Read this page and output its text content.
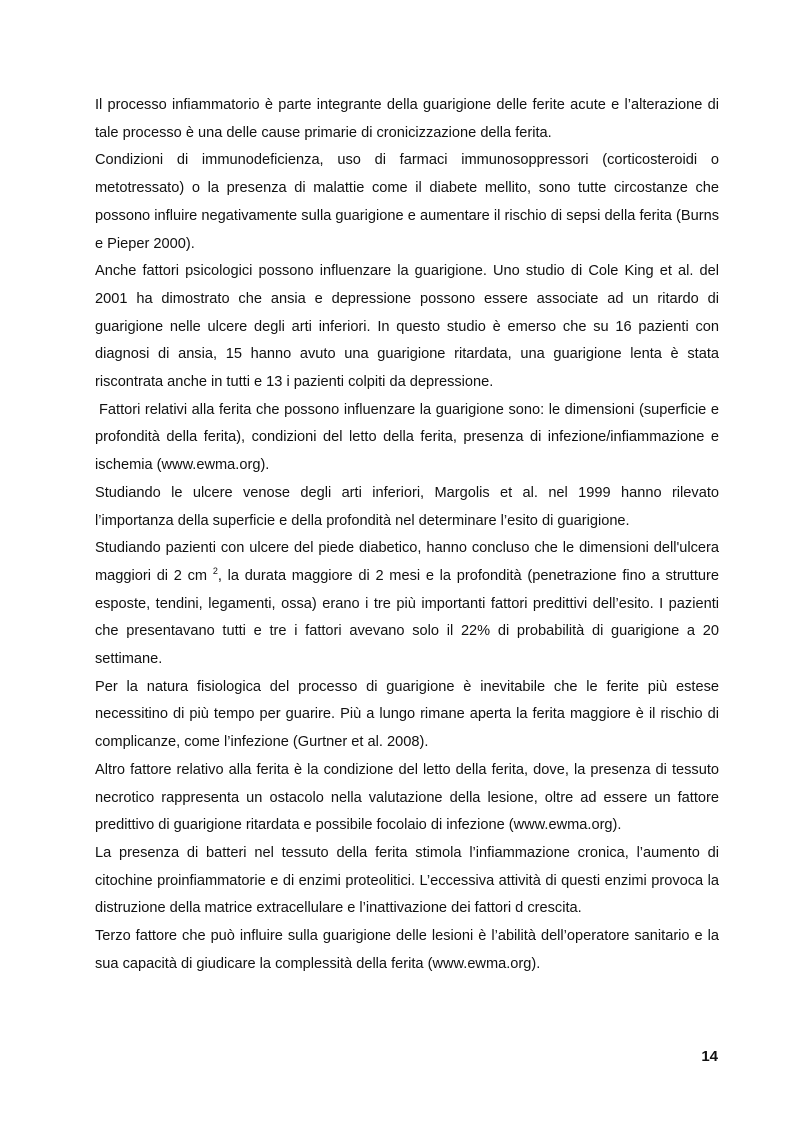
Il processo infiammatorio è parte integrante della guarigione delle ferite acute e l’alterazione di tale processo è una delle cause primarie di cronicizzazione della ferita.

Condizioni di immunodeficienza, uso di farmaci immunosoppressori (corticosteroidi o metotressato) o la presenza di malattie come il diabete mellito, sono tutte circostanze che possono influire negativamente sulla guarigione e aumentare il rischio di sepsi della ferita (Burns e Pieper 2000).

Anche fattori psicologici possono influenzare la guarigione. Uno studio di Cole King et al. del 2001 ha dimostrato che ansia e depressione possono essere associate ad un ritardo di guarigione nelle ulcere degli arti inferiori. In questo studio è emerso che su 16 pazienti con diagnosi di ansia, 15 hanno avuto una guarigione ritardata, una guarigione lenta è stata riscontrata anche in tutti e 13 i pazienti colpiti da depressione.

Fattori relativi alla ferita che possono influenzare la guarigione sono: le dimensioni (superficie e profondità della ferita), condizioni del letto della ferita, presenza di infezione/infiammazione e ischemia (www.ewma.org).

Studiando le ulcere venose degli arti inferiori, Margolis et al. nel 1999 hanno rilevato l’importanza della superficie e della profondità nel determinare l’esito di guarigione.

Studiando pazienti con ulcere del piede diabetico, hanno concluso che le dimensioni dell'ulcera maggiori di 2 cm $^2$, la durata maggiore di 2 mesi e la profondità (penetrazione fino a strutture esposte, tendini, legamenti, ossa) erano i tre più importanti fattori predittivi dell’esito. I pazienti che presentavano tutti e tre i fattori avevano solo il 22% di probabilità di guarigione a 20 settimane.

Per la natura fisiologica del processo di guarigione è inevitabile che le ferite più estese necessitino di più tempo per guarire. Più a lungo rimane aperta la ferita maggiore è il rischio di complicanze, come l’infezione (Gurtner et al. 2008).

Altro fattore relativo alla ferita è la condizione del letto della ferita, dove, la presenza di tessuto necrotico rappresenta un ostacolo nella valutazione della lesione, oltre ad essere un fattore predittivo di guarigione ritardata e possibile focolaio di infezione (www.ewma.org).

La presenza di batteri nel tessuto della ferita stimola l’infiammazione cronica, l’aumento di citochine proinfiammatorie e di enzimi proteolitici. L’eccessiva attività di questi enzimi provoca la distruzione della matrice extracellulare e l’inattivazione dei fattori d crescita.

Terzo fattore che può influire sulla guarigione delle lesioni è l’abilità dell’operatore sanitario e la sua capacità di giudicare la complessità della ferita (www.ewma.org).

14
